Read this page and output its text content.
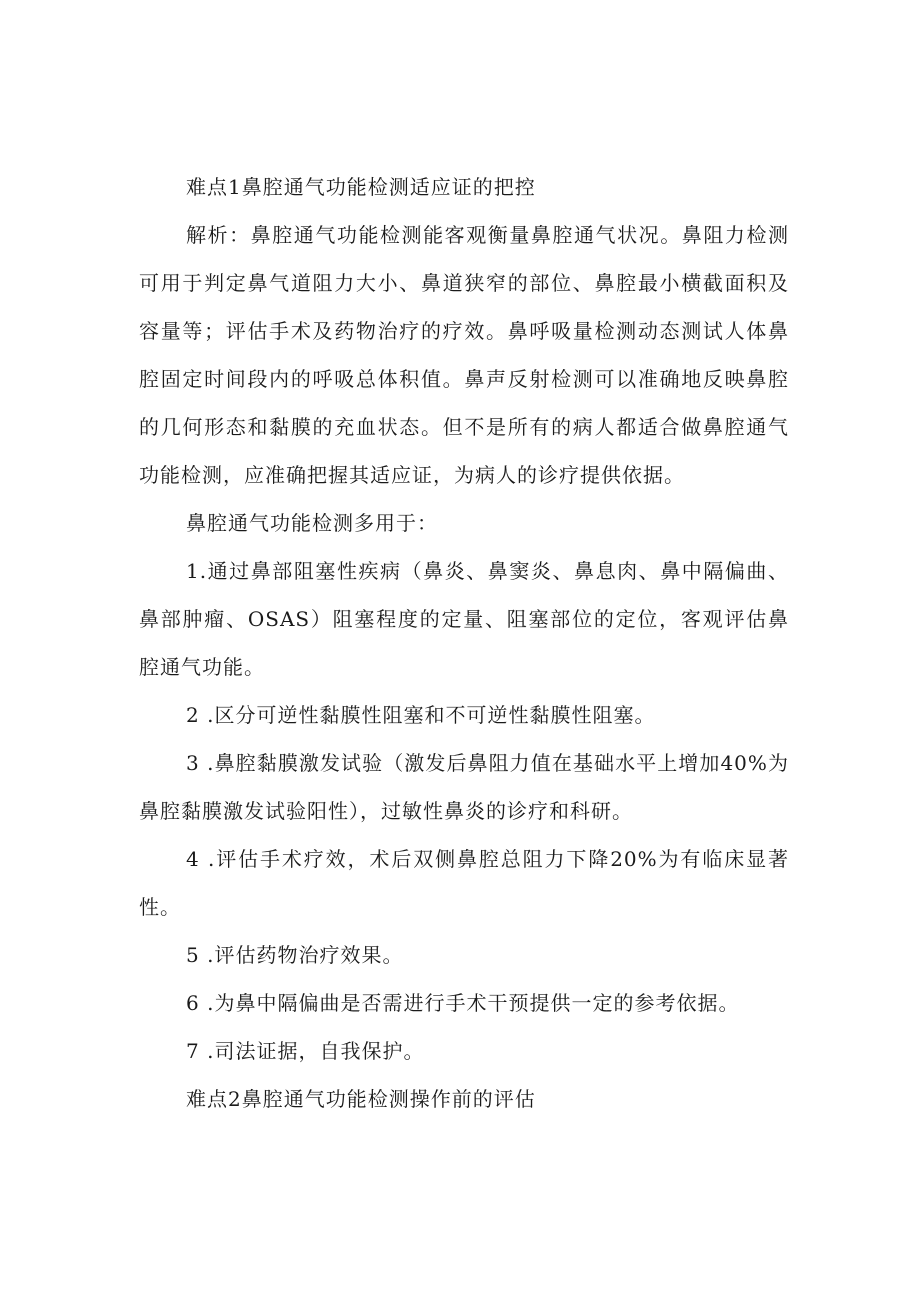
难点1鼻腔通气功能检测适应证的把控

解析：鼻腔通气功能检测能客观衡量鼻腔通气状况。鼻阻力检测可用于判定鼻气道阻力大小、鼻道狭窄的部位、鼻腔最小横截面积及容量等；评估手术及药物治疗的疗效。鼻呼吸量检测动态测试人体鼻腔固定时间段内的呼吸总体积值。鼻声反射检测可以准确地反映鼻腔的几何形态和黏膜的充血状态。但不是所有的病人都适合做鼻腔通气功能检测，应准确把握其适应证，为病人的诊疗提供依据。

鼻腔通气功能检测多用于：

1.通过鼻部阻塞性疾病（鼻炎、鼻窦炎、鼻息肉、鼻中隔偏曲、鼻部肿瘤、OSAS）阻塞程度的定量、阻塞部位的定位，客观评估鼻腔通气功能。

2 .区分可逆性黏膜性阻塞和不可逆性黏膜性阻塞。

3 .鼻腔黏膜激发试验（激发后鼻阻力值在基础水平上增加40%为鼻腔黏膜激发试验阳性），过敏性鼻炎的诊疗和科研。

4 .评估手术疗效，术后双侧鼻腔总阻力下降20%为有临床显著性。

5 .评估药物治疗效果。

6 .为鼻中隔偏曲是否需进行手术干预提供一定的参考依据。

7 .司法证据，自我保护。

难点2鼻腔通气功能检测操作前的评估
